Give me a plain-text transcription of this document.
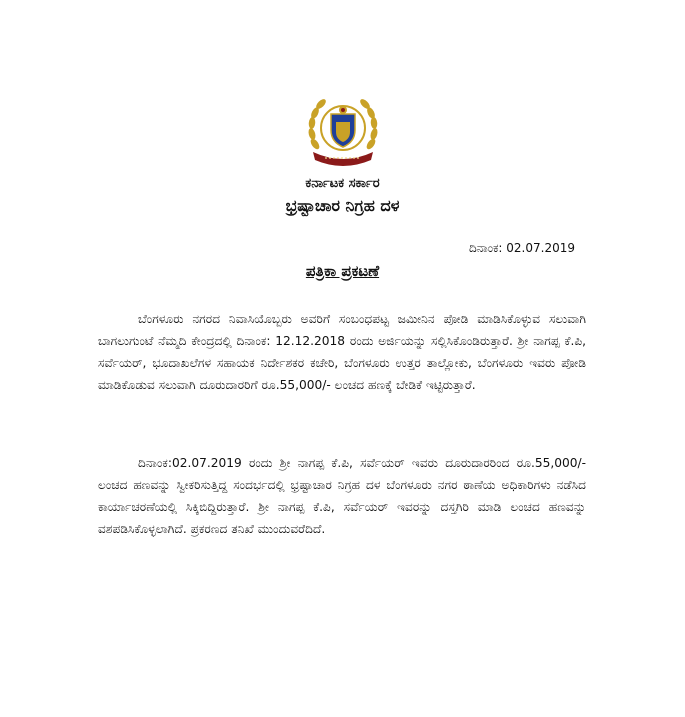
ಕರ್ನಾಟಕ ಸರ್ಕಾರ
ಭ್ರಷ್ಟಾಚಾರ ನಿಗ್ರಹ ದಳ
ದಿನಾಂಕ: 02.07.2019
ಪತ್ರಿಕಾ ಪ್ರಕಟಣೆ

ಬೆಂಗಳೂರು ನಗರದ ನಿವಾಸಿಯೊಬ್ಬರು ಅವರಿಗೆ ಸಂಬಂಧಪಟ್ಟ ಜಮೀನಿನ ಪೋಡಿ ಮಾಡಿಸಿಕೊಳ್ಳುವ ಸಲುವಾಗಿ ಬಾಗಲುಗುಂಟೆ ನೆಮ್ಮದಿ ಕೇಂದ್ರದಲ್ಲಿ ದಿನಾಂಕ: 12.12.2018 ರಂದು ಅರ್ಜಿಯನ್ನು ಸಲ್ಲಿಸಿಕೊಂಡಿರುತ್ತಾರೆ. ಶ್ರೀ ನಾಗಪ್ಪ ಕೆ.ಪಿ, ಸರ್ವೆಯರ್, ಭೂದಾಖಲೆಗಳ ಸಹಾಯಕ ನಿರ್ದೇಶಕರ ಕಚೇರಿ, ಬೆಂಗಳೂರು ಉತ್ತರ ತಾಲ್ಲೋಕು, ಬೆಂಗಳೂರು ಇವರು ಪೋಡಿ ಮಾಡಿಕೊಡುವ ಸಲುವಾಗಿ ದೂರುದಾರರಿಗೆ ರೂ.55,000/- ಲಂಚದ ಹಣಕ್ಕೆ ಬೇಡಿಕೆ ಇಟ್ಟಿರುತ್ತಾರೆ.

ದಿನಾಂಕ:02.07.2019 ರಂದು ಶ್ರೀ ನಾಗಪ್ಪ ಕೆ.ಪಿ, ಸರ್ವೆಯರ್ ಇವರು ದೂರುದಾರರಿಂದ ರೂ.55,000/- ಲಂಚದ ಹಣವನ್ನು ಸ್ವೀಕರಿಸುತ್ತಿದ್ದ ಸಂದರ್ಭದಲ್ಲಿ ಭ್ರಷ್ಟಾಚಾರ ನಿಗ್ರಹ ದಳ ಬೆಂಗಳೂರು ನಗರ ಠಾಣೆಯ ಅಧಿಕಾರಿಗಳು ನಡೆಸಿದ ಕಾರ್ಯಾಚರಣೆಯಲ್ಲಿ ಸಿಕ್ಕಿಬಿದ್ದಿರುತ್ತಾರೆ. ಶ್ರೀ ನಾಗಪ್ಪ ಕೆ.ಪಿ, ಸರ್ವೆಯರ್ ಇವರನ್ನು ದಸ್ತಗಿರಿ ಮಾಡಿ ಲಂಚದ ಹಣವನ್ನು ವಶಪಡಿಸಿಕೊಳ್ಳಲಾಗಿದೆ. ಪ್ರಕರಣದ ತನಿಖೆ ಮುಂದುವರೆದಿದೆ.
